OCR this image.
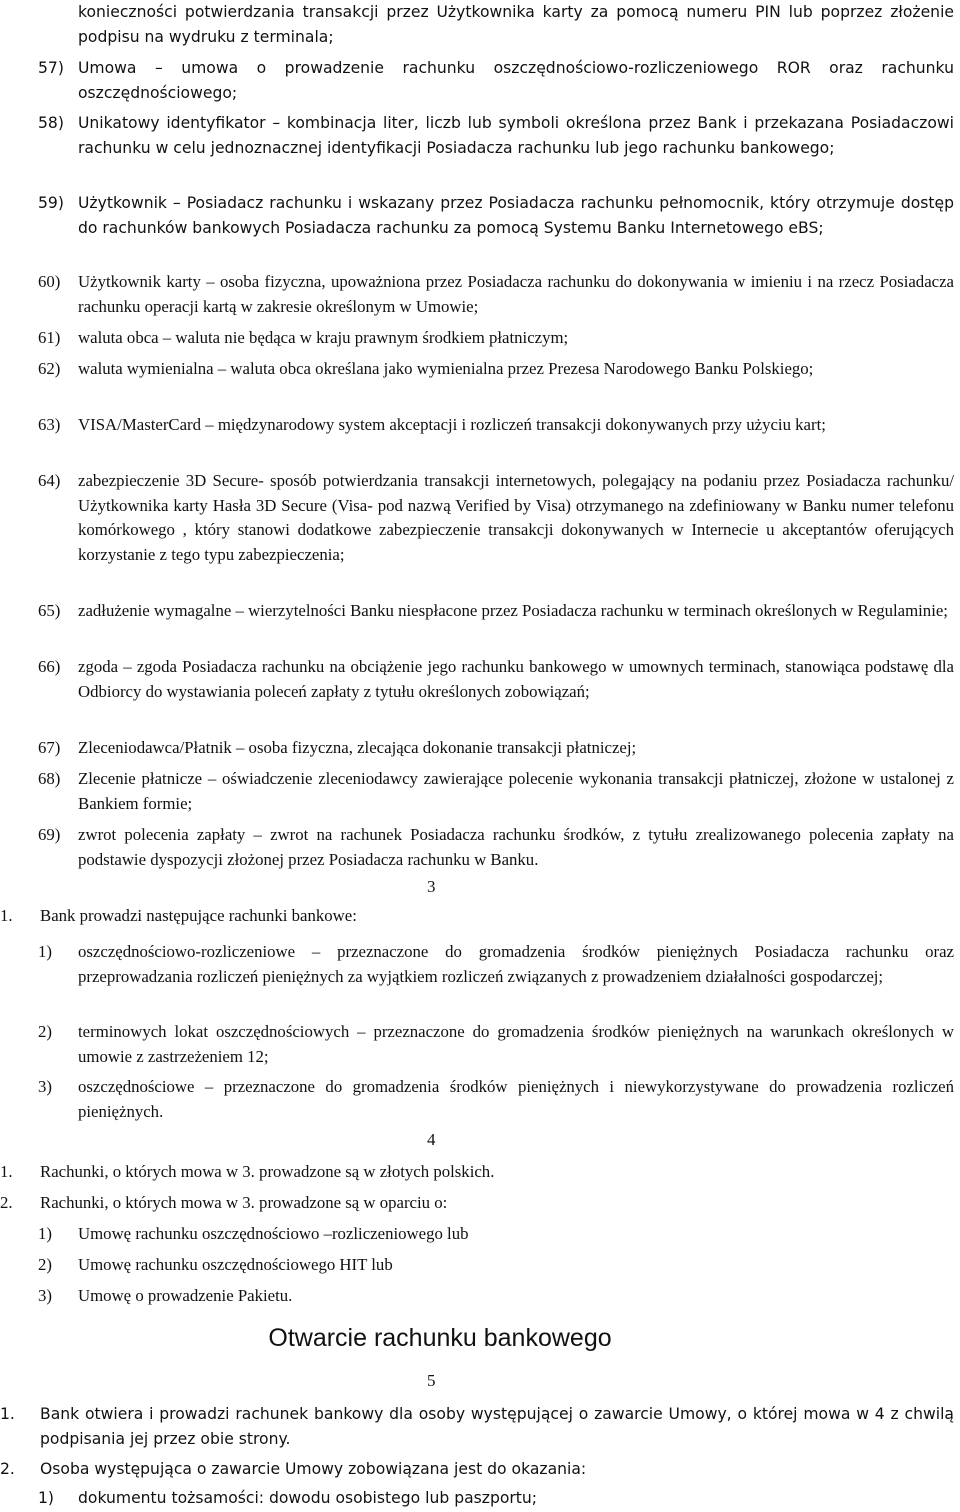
konieczności potwierdzania transakcji przez Użytkownika karty za pomocą numeru PIN lub poprzez złożenie podpisu na wydruku z terminala;

57) Umowa – umowa o prowadzenie rachunku oszczędnościowo-rozliczeniowego ROR oraz rachunku oszczędnościowego;

58) Unikatowy identyfikator – kombinacja liter, liczb lub symboli określona przez Bank i przekazana Posiadaczowi rachunku w celu jednoznacznej identyfikacji Posiadacza rachunku lub jego rachunku bankowego;

59) Użytkownik – Posiadacz rachunku i wskazany przez Posiadacza rachunku pełnomocnik, który otrzymuje dostęp do rachunków bankowych Posiadacza rachunku za pomocą Systemu Banku Internetowego eBS;

60)	Użytkownik karty – osoba fizyczna, upoważniona przez Posiadacza rachunku do dokonywania w imieniu i na rzecz Posiadacza rachunku operacji kartą w zakresie określonym w Umowie;

61)	waluta obca – waluta nie będąca w kraju prawnym środkiem płatniczym;

62)	waluta wymienialna – waluta obca określana jako wymienialna przez Prezesa Narodowego Banku Polskiego;

63)	VISA/MasterCard – międzynarodowy system akceptacji i rozliczeń transakcji dokonywanych przy użyciu kart;

64)	zabezpieczenie 3D Secure- sposób potwierdzania transakcji internetowych, polegający na podaniu przez Posiadacza rachunku/ Użytkownika karty Hasła 3D Secure (Visa- pod nazwą Verified by Visa) otrzymanego na zdefiniowany w Banku numer telefonu komórkowego , który stanowi dodatkowe zabezpieczenie transakcji dokonywanych w Internecie u akceptantów oferujących korzystanie z tego typu zabezpieczenia;

65)	zadłużenie wymagalne – wierzytelności Banku niespłacone przez Posiadacza rachunku w terminach określonych w Regulaminie;

66)	zgoda – zgoda Posiadacza rachunku na obciążenie jego rachunku bankowego w umownych terminach, stanowiąca podstawę dla Odbiorcy do wystawiania poleceń zapłaty z tytułu określonych zobowiązań;

67)	Zleceniodawca/Płatnik – osoba fizyczna, zlecająca dokonanie transakcji płatniczej;

68)	Zlecenie płatnicze – oświadczenie zleceniodawcy zawierające polecenie wykonania transakcji płatniczej, złożone w ustalonej z Bankiem formie;

69)	zwrot polecenia zapłaty – zwrot na rachunek Posiadacza rachunku środków, z tytułu zrealizowanego polecenia zapłaty na podstawie dyspozycji złożonej przez Posiadacza rachunku w Banku.

3

1.	Bank prowadzi następujące rachunki bankowe:

1)	oszczędnościowo-rozliczeniowe – przeznaczone do gromadzenia środków pieniężnych Posiadacza rachunku oraz przeprowadzania rozliczeń pieniężnych za wyjątkiem rozliczeń związanych z prowadzeniem działalności gospodarczej;

2)	terminowych lokat oszczędnościowych – przeznaczone do gromadzenia środków pieniężnych na warunkach określonych w umowie z zastrzeżeniem 12;

3)	oszczędnościowe – przeznaczone do gromadzenia środków pieniężnych i niewykorzystywane do prowadzenia rozliczeń pieniężnych.

4

1.	Rachunki, o których mowa w 3. prowadzone są w złotych polskich.

2.	Rachunki, o których mowa w 3. prowadzone są w oparciu o:

1)	Umowę rachunku oszczędnościowo –rozliczeniowego lub

2)	Umowę rachunku oszczędnościowego HIT lub

3)	Umowę o prowadzenie Pakietu.

Otwarcie rachunku bankowego
5

1.	Bank otwiera i prowadzi rachunek bankowy dla osoby występującej o zawarcie Umowy, o której mowa w 4 z chwilą podpisania jej przez obie strony.

2.	Osoba występująca o zawarcie Umowy zobowiązana jest do okazania:

1)	dokumentu tożsamości: dowodu osobistego lub paszportu;
